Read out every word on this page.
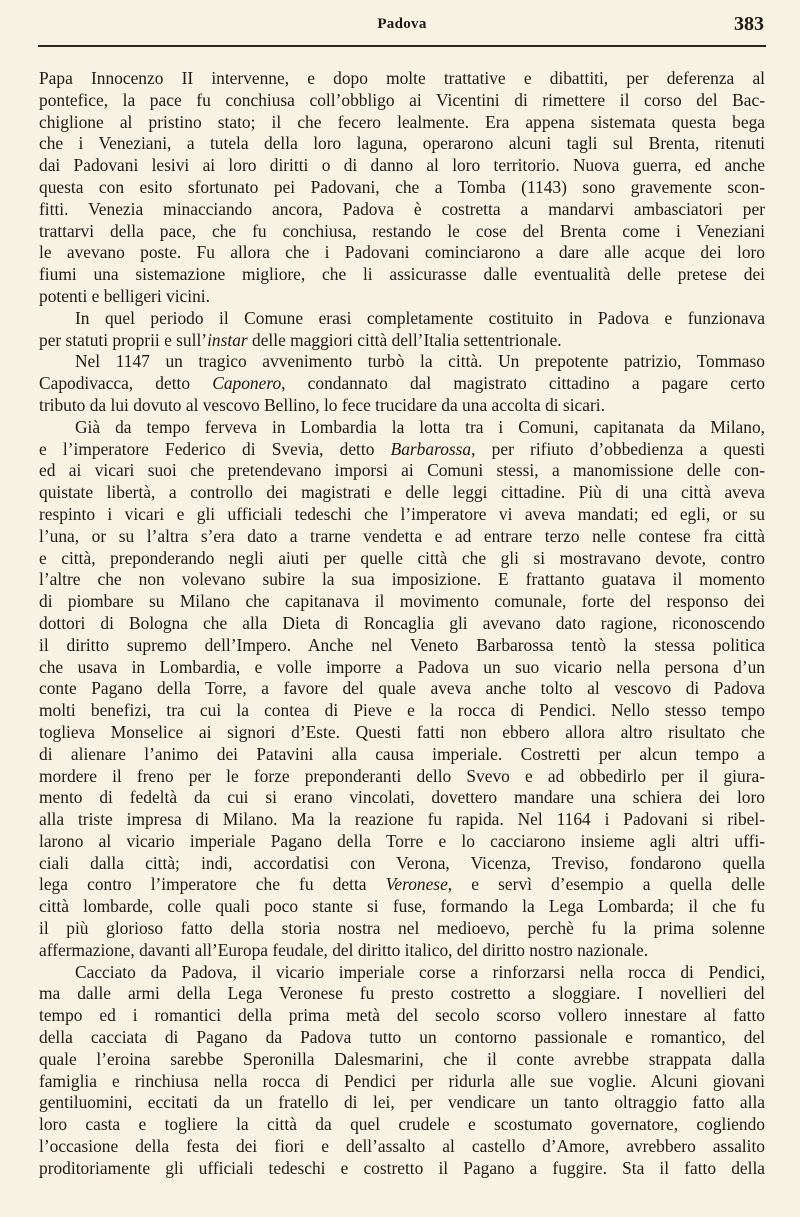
Padova	383
Papa Innocenzo II intervenne, e dopo molte trattative e dibattiti, per deferenza al
pontefice, la pace fu conchiusa coll’obbligo ai Vicentini di rimettere il corso del Bac-
chiglione al pristino stato; il che fecero lealmente. Era appena sistemata questa bega
che i Veneziani, a tutela della loro laguna, operarono alcuni tagli sul Brenta, ritenuti
dai Padovani lesivi ai loro diritti o di danno al loro territorio. Nuova guerra, ed anche
questa con esito sfortunato pei Padovani, che a Tomba (1143) sono gravemente scon-
fitti. Venezia minacciando ancora, Padova è costretta a mandarvi ambasciatori per
trattarvi della pace, che fu conchiusa, restando le cose del Brenta come i Veneziani
le avevano poste. Fu allora che i Padovani cominciarono a dare alle acque dei loro
fiumi una sistemazione migliore, che li assicurasse dalle eventualità delle pretese dei
potenti e belligeri vicini.
In quel periodo il Comune erasi completamente costituito in Padova e funzionava
per statuti proprii e sull’instar delle maggiori città dell’Italia settentrionale.
Nel 1147 un tragico avvenimento turbò la città. Un prepotente patrizio, Tommaso
Capodivacca, detto Caponero, condannato dal magistrato cittadino a pagare certo
tributo da lui dovuto al vescovo Bellino, lo fece trucidare da una accolta di sicari.
Già da tempo ferveva in Lombardia la lotta tra i Comuni, capitanata da Milano,
e l’imperatore Federico di Svevia, detto Barbarossa, per rifiuto d’obbedienza a questi
ed ai vicari suoi che pretendevano imporsi ai Comuni stessi, a manomissione delle con-
quistate libertà, a controllo dei magistrati e delle leggi cittadine. Più di una città aveva
respinto i vicari e gli ufficiali tedeschi che l’imperatore vi aveva mandati; ed egli, or su
l’una, or su l’altra s’era dato a trarne vendetta e ad entrare terzo nelle contese fra città
e città, preponderando negli aiuti per quelle città che gli si mostravano devote, contro
l’altre che non volevano subire la sua imposizione. E frattanto guatava il momento
di piombare su Milano che capitanava il movimento comunale, forte del responso dei
dottori di Bologna che alla Dieta di Roncaglia gli avevano dato ragione, riconoscendo
il diritto supremo dell’Impero. Anche nel Veneto Barbarossa tentò la stessa politica
che usava in Lombardia, e volle imporre a Padova un suo vicario nella persona d’un
conte Pagano della Torre, a favore del quale aveva anche tolto al vescovo di Padova
molti benefizi, tra cui la contea di Pieve e la rocca di Pendici. Nello stesso tempo
toglieva Monselice ai signori d’Este. Questi fatti non ebbero allora altro risultato che
di alienare l’animo dei Patavini alla causa imperiale. Costretti per alcun tempo a
mordere il freno per le forze preponderanti dello Svevo e ad obbedirlo per il giura-
mento di fedeltà da cui si erano vincolati, dovettero mandare una schiera dei loro
alla triste impresa di Milano. Ma la reazione fu rapida. Nel 1164 i Padovani si ribel-
larono al vicario imperiale Pagano della Torre e lo cacciarono insieme agli altri uffi-
ciali dalla città; indi, accordatisi con Verona, Vicenza, Treviso, fondarono quella
lega contro l’imperatore che fu detta Veronese, e servì d’esempio a quella delle
città lombarde, colle quali poco stante si fuse, formando la Lega Lombarda; il che fu
il più glorioso fatto della storia nostra nel medioevo, perchè fu la prima solenne
affermazione, davanti all’Europa feudale, del diritto italico, del diritto nostro nazionale.
Cacciato da Padova, il vicario imperiale corse a rinforzarsi nella rocca di Pendici,
ma dalle armi della Lega Veronese fu presto costretto a sloggiare. I novellieri del
tempo ed i romantici della prima metà del secolo scorso vollero innestare al fatto
della cacciata di Pagano da Padova tutto un contorno passionale e romantico, del
quale l’eroina sarebbe Speronilla Dalesmarini, che il conte avrebbe strappata dalla
famiglia e rinchiusa nella rocca di Pendici per ridurla alle sue voglie. Alcuni giovani
gentiluomini, eccitati da un fratello di lei, per vendicare un tanto oltraggio fatto alla
loro casta e togliere la città da quel crudele e scostumato governatore, cogliendo
l’occasione della festa dei fiori e dell’assalto al castello d’Amore, avrebbero assalito
proditoriamente gli ufficiali tedeschi e costretto il Pagano a fuggire. Sta il fatto della
